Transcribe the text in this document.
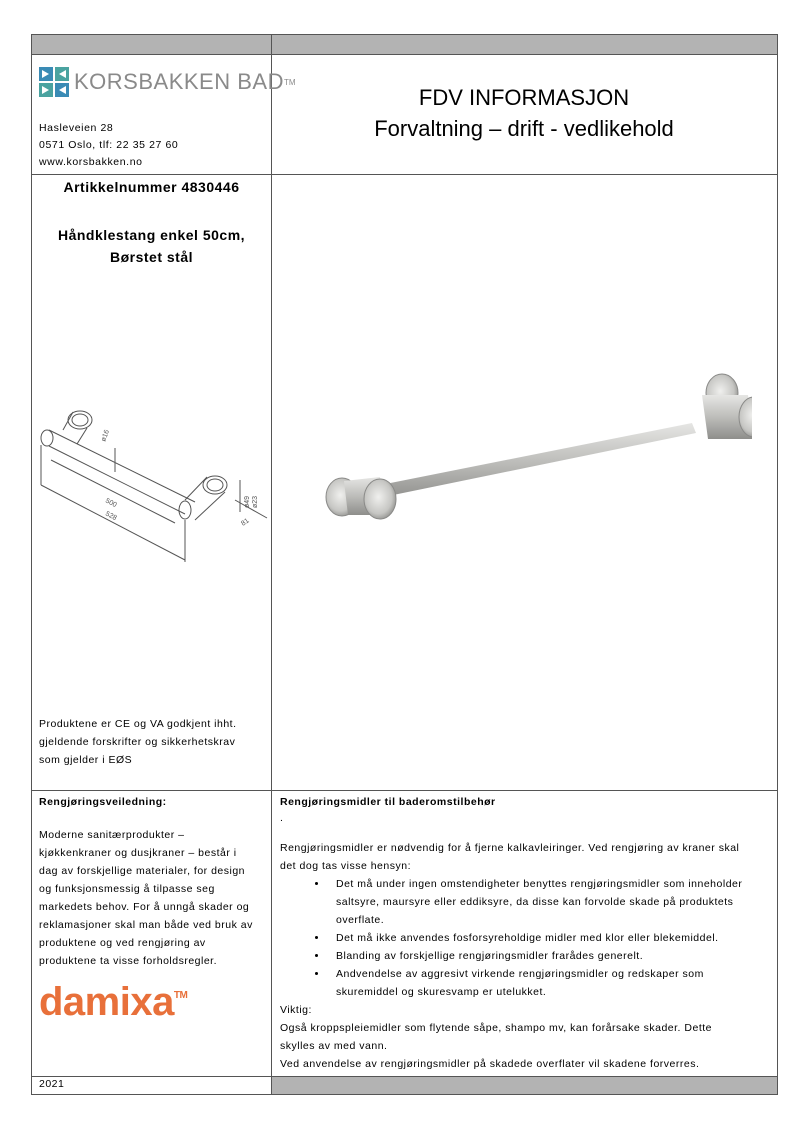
KORSBAKKEN BAD TM
Hasleveien 28
0571 Oslo, tlf: 22 35 27 60
www.korsbakken.no
FDV INFORMASJON
Forvaltning – drift - vedlikehold
Artikkelnummer 4830446
Håndklestang enkel 50cm,
Børstet stål
ø16
500
528
81
ø49 ø23
Produktene er CE og VA godkjent ihht.
gjeldende forskrifter og sikkerhetskrav
som gjelder i EØS
Rengjøringsveiledning:
Moderne sanitærprodukter –
kjøkkenkraner og dusjkraner – består i
dag av forskjellige materialer, for design
og funksjonsmessig å tilpasse seg
markedets behov. For å unngå skader og
reklamasjoner skal man både ved bruk av
produktene og ved rengjøring av
produktene ta visse forholdsregler.
damixa™
Rengjøringsmidler til baderomstilbehør
.
Rengjøringsmidler er nødvendig for å fjerne kalkavleiringer. Ved rengjøring av kraner skal
det dog tas visse hensyn:
• Det må under ingen omstendigheter benyttes rengjøringsmidler som inneholder
saltsyre, maursyre eller eddiksyre, da disse kan forvolde skade på produktets
overflate.
• Det må ikke anvendes fosforsyreholdige midler med klor eller blekemiddel.
• Blanding av forskjellige rengjøringsmidler frarådes generelt.
• Andvendelse av aggresivt virkende rengjøringsmidler og redskaper som
skuremiddel og skuresvamp er utelukket.
Viktig:
Også kroppspleiemidler som flytende såpe, shampo mv, kan forårsake skader. Dette
skylles av med vann.
Ved anvendelse av rengjøringsmidler på skadede overflater vil skadene forverres.
2021
